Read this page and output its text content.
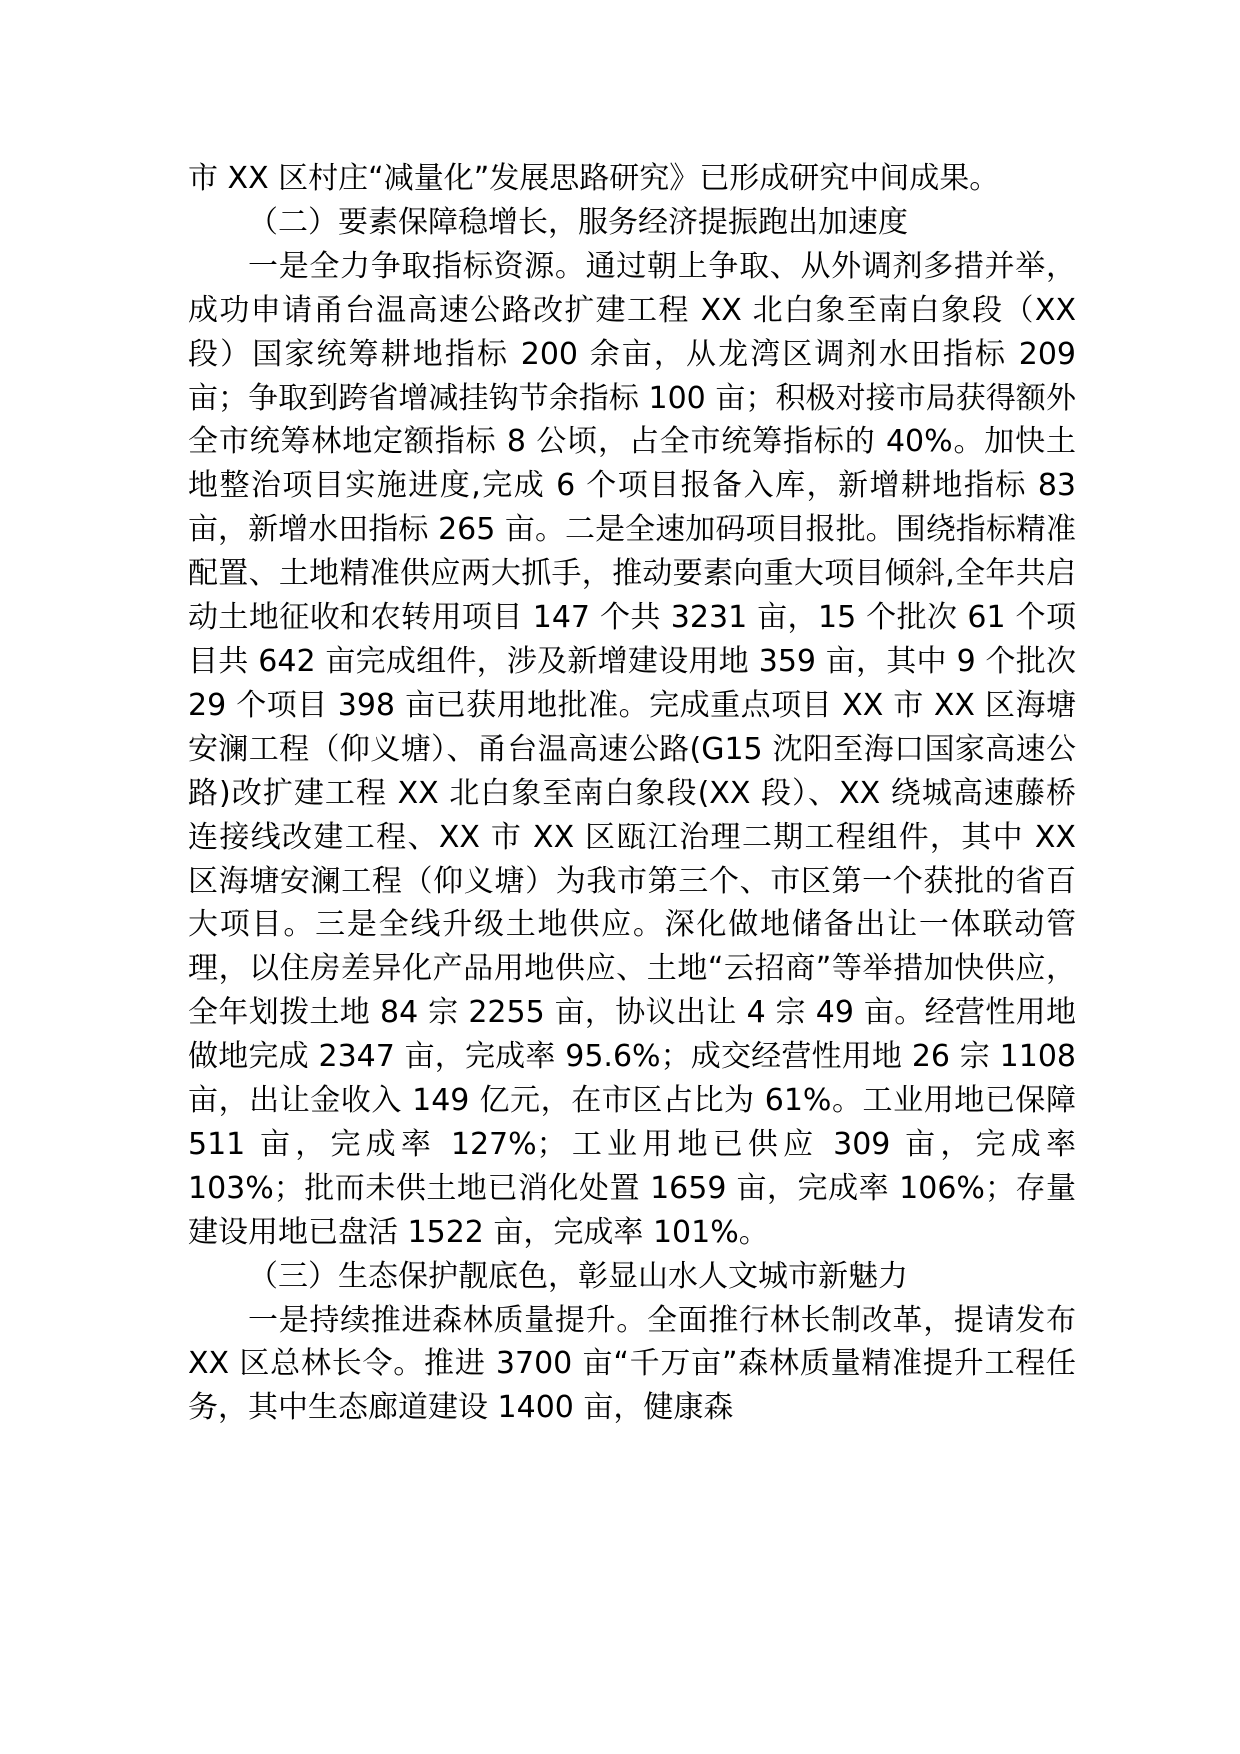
市 XX 区村庄“减量化”发展思路研究》已形成研究中间成果。

（二）要素保障稳增长，服务经济提振跑出加速度

一是全力争取指标资源。通过朝上争取、从外调剂多措并举，成功申请甬台温高速公路改扩建工程 XX 北白象至南白象段（XX 段）国家统筹耕地指标 200 余亩，从龙湾区调剂水田指标 209 亩；争取到跨省增减挂钩节余指标 100 亩；积极对接市局获得额外全市统筹林地定额指标 8 公顷，占全市统筹指标的 40%。加快土地整治项目实施进度,完成 6 个项目报备入库，新增耕地指标 83 亩，新增水田指标 265 亩。二是全速加码项目报批。围绕指标精准配置、土地精准供应两大抓手，推动要素向重大项目倾斜,全年共启动土地征收和农转用项目 147 个共 3231 亩，15 个批次 61 个项目共 642 亩完成组件，涉及新增建设用地 359 亩，其中 9 个批次 29 个项目 398 亩已获用地批准。完成重点项目 XX 市 XX 区海塘安澜工程（仰义塘）、甬台温高速公路(G15 沈阳至海口国家高速公路)改扩建工程 XX 北白象至南白象段(XX 段）、XX 绕城高速藤桥连接线改建工程、XX 市 XX 区瓯江治理二期工程组件，其中 XX 区海塘安澜工程（仰义塘）为我市第三个、市区第一个获批的省百大项目。三是全线升级土地供应。深化做地储备出让一体联动管理，以住房差异化产品用地供应、土地“云招商”等举措加快供应，全年划拨土地 84 宗 2255 亩，协议出让 4 宗 49 亩。经营性用地做地完成 2347 亩，完成率 95.6%；成交经营性用地 26 宗 1108 亩，出让金收入 149 亿元，在市区占比为 61%。工业用地已保障 511 亩，完成率 127%；工业用地已供应 309 亩，完成率 103%；批而未供土地已消化处置 1659 亩，完成率 106%；存量建设用地已盘活 1522 亩，完成率 101%。

（三）生态保护靓底色，彰显山水人文城市新魅力

一是持续推进森林质量提升。全面推行林长制改革，提请发布 XX 区总林长令。推进 3700 亩“千万亩”森林质量精准提升工程任务，其中生态廊道建设 1400 亩，健康森
